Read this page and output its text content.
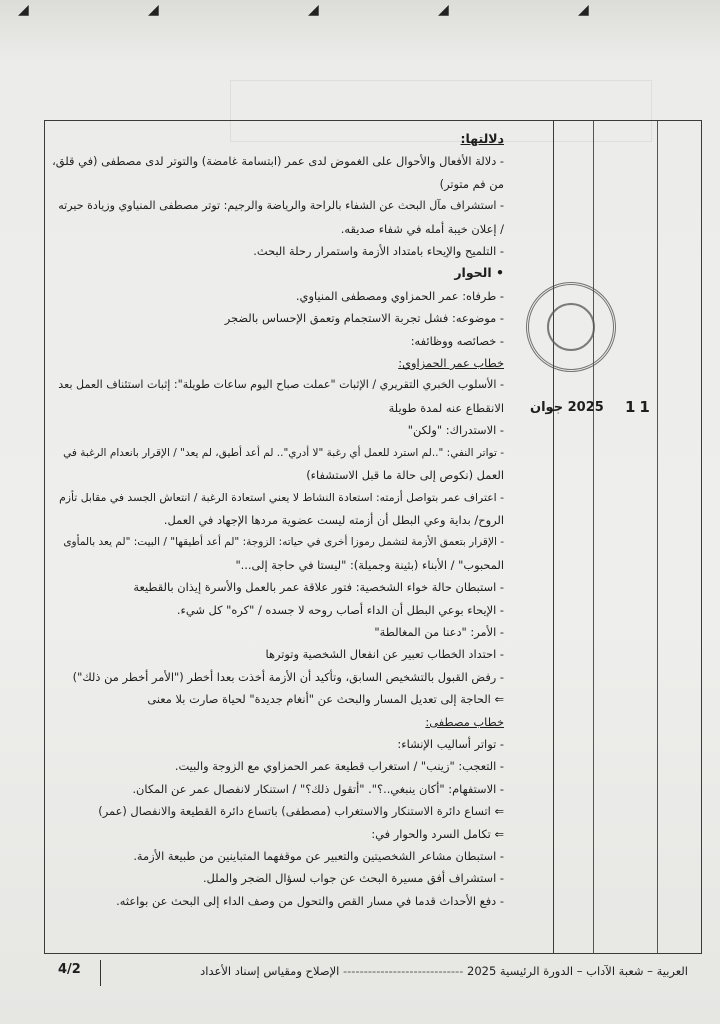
◢	◢	◢	◢	◢
2025 جوان 11

دلالتها:

- دلالة الأفعال والأحوال على الغموض لدى عمر (ابتسامة غامضة) والتوتر لدى مصطفى (في قلق،

من فم متوتر)

- استشراف مآل البحث عن الشفاء بالراحة والرياضة والرجيم: توتر مصطفى المنياوي وزيادة حيرته

/ إعلان خيبة أمله في شفاء صديقه.

- التلميح والإيحاء بامتداد الأزمة واستمرار رحلة البحث.

• الحوار

- طرفاه: عمر الحمزاوي ومصطفى المنياوي.

- موضوعه: فشل تجربة الاستجمام وتعمق الإحساس بالضجر

- خصائصه ووظائفه:

خطاب عمر الحمزاوي:

- الأسلوب الخبري التقريري / الإثبات "عملت صباح اليوم ساعات طويلة": إثبات استئناف العمل بعد

الانقطاع عنه لمدة طويلة

- الاستدراك: "ولكن"

- تواتر النفي: "..لم استرد للعمل أي رغبة "لا أدري".. لم أعد أطيق، لم يعد" / الإقرار بانعدام الرغبة في

العمل (نكوص إلى حالة ما قبل الاستشفاء)

- اعتراف عمر بتواصل أزمته: استعادة النشاط لا يعني استعادة الرغبة / انتعاش الجسد في مقابل تأزم

الروح/ بداية وعي البطل أن أزمته ليست عضوية مردها الإجهاد في العمل.

- الإقرار بتعمق الأزمة لتشمل رموزا أخرى في حياته: الزوجة: "لم أعد أطيقها" / البيت: "لم يعد بالمأوى

المحبوب" / الأبناء (بثينة وجميلة): "ليستا في حاجة إلى..."

- استبطان حالة خواء الشخصية: فتور علاقة عمر بالعمل والأسرة إيذان بالقطيعة

- الإيحاء بوعي البطل أن الداء أصاب روحه لا جسده / "كره" كل شيء.

- الأمر: "دعنا من المغالطة"

- احتداد الخطاب تعبير عن انفعال الشخصية وتوترها

- رفض القبول بالتشخيص السابق، وتأكيد أن الأزمة أخذت بعدا أخطر ("الأمر أخطر من ذلك")

⇐ الحاجة إلى تعديل المسار والبحث عن "أنغام جديدة" لحياة صارت بلا معنى

خطاب مصطفى:

- تواتر أساليب الإنشاء:

- التعجب: "زينب" / استغراب قطيعة عمر الحمزاوي مع الزوجة والبيت.

- الاستفهام: "أكان ينبغي..؟". "أتقول ذلك؟" / استنكار لانفصال عمر عن المكان.

⇐ اتساع دائرة الاستنكار والاستغراب (مصطفى) باتساع دائرة القطيعة والانفصال (عمر)

⇐ تكامل السرد والحوار في:

- استبطان مشاعر الشخصيتين والتعبير عن موقفهما المتباينين من طبيعة الأزمة.

- استشراف أفق مسيرة البحث عن جواب لسؤال الضجر والملل.

- دفع الأحداث قدما في مسار القص والتحول من وصف الداء إلى البحث عن بواعثه.

العربية – شعبة الآداب – الدورة الرئيسية 2025 ----------------------------- الإصلاح ومقياس إسناد الأعداد
4/2
